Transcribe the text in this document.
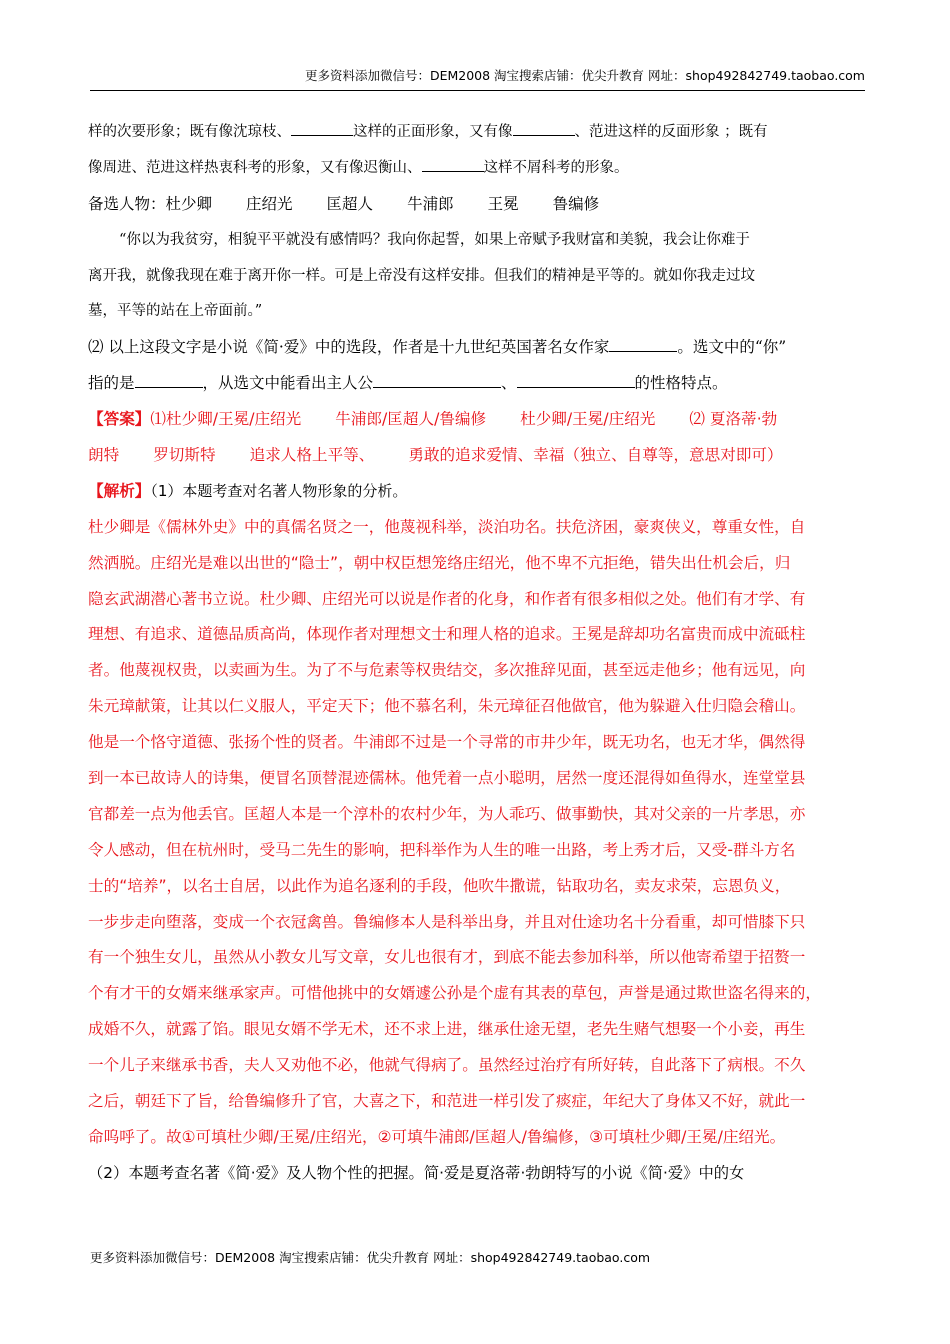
更多资料添加微信号：DEM2008 淘宝搜索店铺：优尖升教育 网址：shop492842749.taobao.com
样的次要形象；既有像沈琼枝、	这样的正面形象，又有像	、范进这样的反面形象 ；既有
像周进、范进这样热衷科考的形象，又有像迟衡山、	这样不屑科考的形象。
备选人物：杜少卿 庄绍光 匡超人 牛浦郎 王冕 鲁编修
“你以为我贫穷，相貌平平就没有感情吗？我向你起誓，如果上帝赋予我财富和美貌，我会让你难于
离开我，就像我现在难于离开你一样。可是上帝没有这样安排。但我们的精神是平等的。就如你我走过坟
墓，平等的站在上帝面前。”
⑵ 以上这段文字是小说《简·爱》中的选段，作者是十九世纪英国著名女作家	。选文中的“你”
指的是	，从选文中能看出主人公	、	的性格特点。
【答案】⑴杜少卿/王冕/庄绍光 牛浦郎/匡超人/鲁编修 杜少卿/王冕/庄绍光 ⑵ 夏洛蒂·勃
朗特 罗切斯特 追求人格上平等、 勇敢的追求爱情、幸福（独立、自尊等，意思对即可）
【解析】（1）本题考查对名著人物形象的分析。
杜少卿是《儒林外史》中的真儒名贤之一，他蔑视科举，淡泊功名。扶危济困，豪爽侠义，尊重女性，自
然洒脱。庄绍光是难以出世的“隐士”，朝中权臣想笼络庄绍光，他不卑不亢拒绝，错失出仕机会后，归
隐玄武湖潜心著书立说。杜少卿、庄绍光可以说是作者的化身，和作者有很多相似之处。他们有才学、有
理想、有追求、道德品质高尚，体现作者对理想文士和理人格的追求。王冕是辞却功名富贵而成中流砥柱
者。他蔑视权贵，以卖画为生。为了不与危素等权贵结交，多次推辞见面，甚至远走他乡；他有远见，向
朱元璋献策，让其以仁义服人，平定天下；他不慕名利，朱元璋征召他做官，他为躲避入仕归隐会稽山。
他是一个恪守道德、张扬个性的贤者。牛浦郎不过是一个寻常的市井少年，既无功名，也无才华，偶然得
到一本已故诗人的诗集，便冒名顶替混迹儒林。他凭着一点小聪明，居然一度还混得如鱼得水，连堂堂县
官都差一点为他丢官。匡超人本是一个淳朴的农村少年，为人乖巧、做事勤快，其对父亲的一片孝思，亦
令人感动，但在杭州时，受马二先生的影响，把科举作为人生的唯一出路，考上秀才后，又受-群斗方名
士的“培养”，以名士自居，以此作为追名逐利的手段，他吹牛撒谎，钻取功名，卖友求荣，忘恩负义，
一步步走向堕落，变成一个衣冠禽兽。鲁编修本人是科举出身，并且对仕途功名十分看重，却可惜膝下只
有一个独生女儿，虽然从小教女儿写文章，女儿也很有才，到底不能去参加科举，所以他寄希望于招赘一
个有才干的女婿来继承家声。可惜他挑中的女婿遽公孙是个虚有其表的草包，声誉是通过欺世盗名得来的，
成婚不久，就露了馅。眼见女婿不学无术，还不求上进，继承仕途无望，老先生赌气想娶一个小妾，再生
一个儿子来继承书香，夫人又劝他不必，他就气得病了。虽然经过治疗有所好转，自此落下了病根。不久
之后，朝廷下了旨，给鲁编修升了官，大喜之下，和范进一样引发了痰症，年纪大了身体又不好，就此一
命呜呼了。故①可填杜少卿/王冕/庄绍光，②可填牛浦郎/匡超人/鲁编修，③可填杜少卿/王冕/庄绍光。
（2）本题考查名著《简·爱》及人物个性的把握。简·爱是夏洛蒂·勃朗特写的小说《简·爱》中的女
更多资料添加微信号：DEM2008 淘宝搜索店铺：优尖升教育 网址：shop492842749.taobao.com
